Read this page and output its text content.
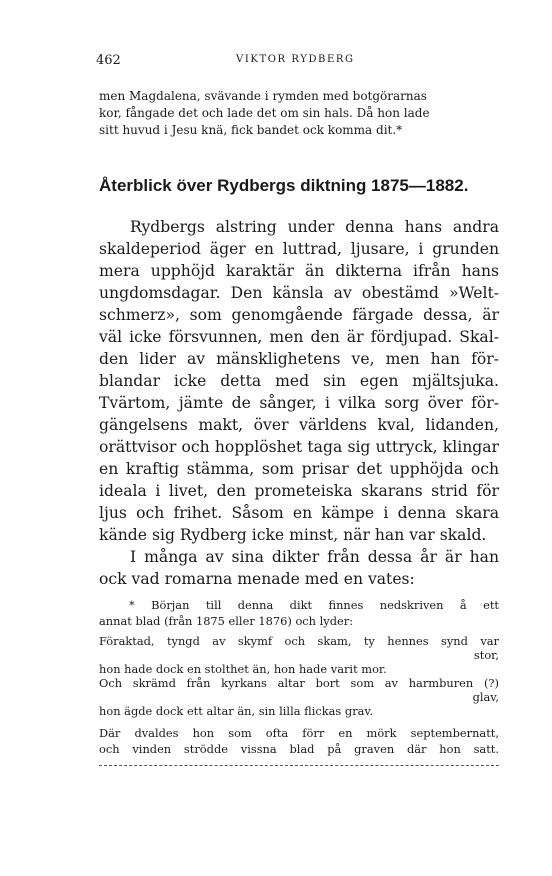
462	VIKTOR RYDBERG
men Magdalena, svävande i rymden med botgörarnas
kor, fångade det och lade det om sin hals. Då hon lade
sitt huvud i Jesu knä, fick bandet ock komma dit.*
Återblick över Rydbergs diktning 1875—1882.
Rydbergs alstring under denna hans andra
skaldeperiod äger en luttrad, ljusare, i grunden
mera upphöjd karaktär än dikterna ifrån hans
ungdomsdagar. Den känsla av obestämd »Welt-
schmerz», som genomgående färgade dessa, är
väl icke försvunnen, men den är fördjupad. Skal-
den lider av mänsklighetens ve, men han för-
blandar icke detta med sin egen mjältsjuka.
Tvärtom, jämte de sånger, i vilka sorg över för-
gängelsens makt, över världens kval, lidanden,
orättvisor och hopplöshet taga sig uttryck, klingar
en kraftig stämma, som prisar det upphöjda och
ideala i livet, den prometeiska skarans strid för
ljus och frihet. Såsom en kämpe i denna skara
kände sig Rydberg icke minst, när han var skald.
I många av sina dikter från dessa år är han
ock vad romarna menade med en vates:
* Början till denna dikt finnes nedskriven å ett
annat blad (från 1875 eller 1876) och lyder:
Föraktad, tyngd av skymf och skam, ty hennes synd var
stor,
hon hade dock en stolthet än, hon hade varit mor.
Och skrämd från kyrkans altar bort som av harmburen (?)
glav,
hon ägde dock ett altar än, sin lilla flickas grav.
Där dvaldes hon som ofta förr en mörk septembernatt,
och vinden strödde vissna blad på graven där hon satt.
